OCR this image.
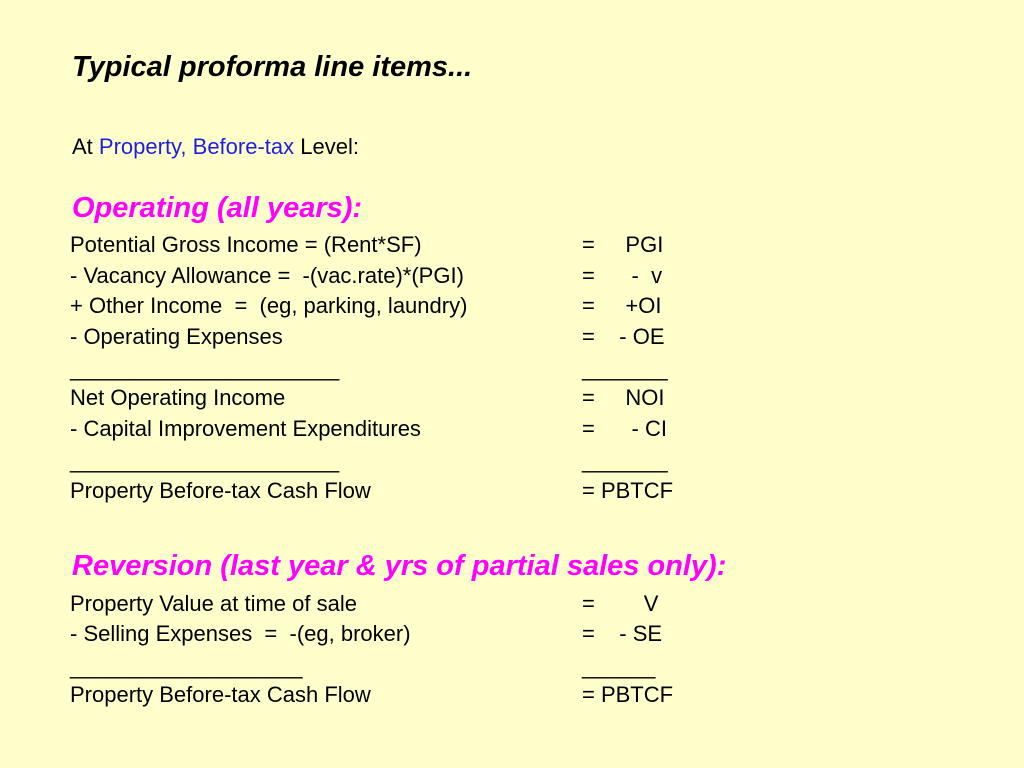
Typical proforma line items...
At Property, Before-tax Level:
Operating (all years):
Potential Gross Income = (Rent*SF)	=     PGI
- Vacancy Allowance =  -(vac.rate)*(PGI)	=      -  v
+ Other Income  =  (eg, parking, laundry)	=     +OI
- Operating Expenses	=    - OE
______________________	_______
Net Operating Income	=     NOI
- Capital Improvement Expenditures	=      - CI
______________________	_______
Property Before-tax Cash Flow	= PBTCF
Reversion (last year & yrs of partial sales only):
Property Value at time of sale	=        V
- Selling Expenses  =  -(eg, broker)	=    - SE
___________________	______
Property Before-tax Cash Flow	= PBTCF
